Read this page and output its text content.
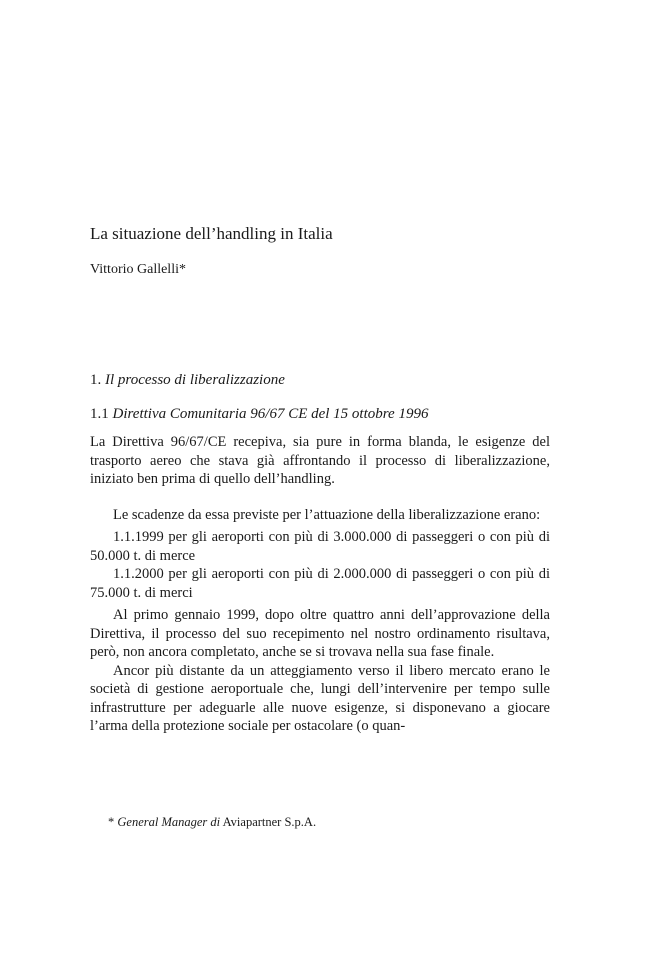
La situazione dell’handling in Italia
Vittorio Gallelli*
1. Il processo di liberalizzazione
1.1 Direttiva Comunitaria 96/67 CE del 15 ottobre 1996

La Direttiva 96/67/CE recepiva, sia pure in forma blanda, le esigenze del trasporto aereo che stava già affrontando il processo di liberalizzazione, iniziato ben prima di quello dell’handling.

Le scadenze da essa previste per l’attuazione della liberalizzazione erano:

1.1.1999 per gli aeroporti con più di 3.000.000 di passeggeri o con più di 50.000 t. di merce

1.1.2000 per gli aeroporti con più di 2.000.000 di passeggeri o con più di 75.000 t. di merci

Al primo gennaio 1999, dopo oltre quattro anni dell’approvazione della Direttiva, il processo del suo recepimento nel nostro ordinamento risultava, però, non ancora completato, anche se si trovava nella sua fase finale.

Ancor più distante da un atteggiamento verso il libero mercato erano le società di gestione aeroportuale che, lungi dell’intervenire per tempo sulle infrastrutture per adeguarle alle nuove esigenze, si disponevano a giocare l’arma della protezione sociale per ostacolare (o quan-

* General Manager di Aviapartner S.p.A.
